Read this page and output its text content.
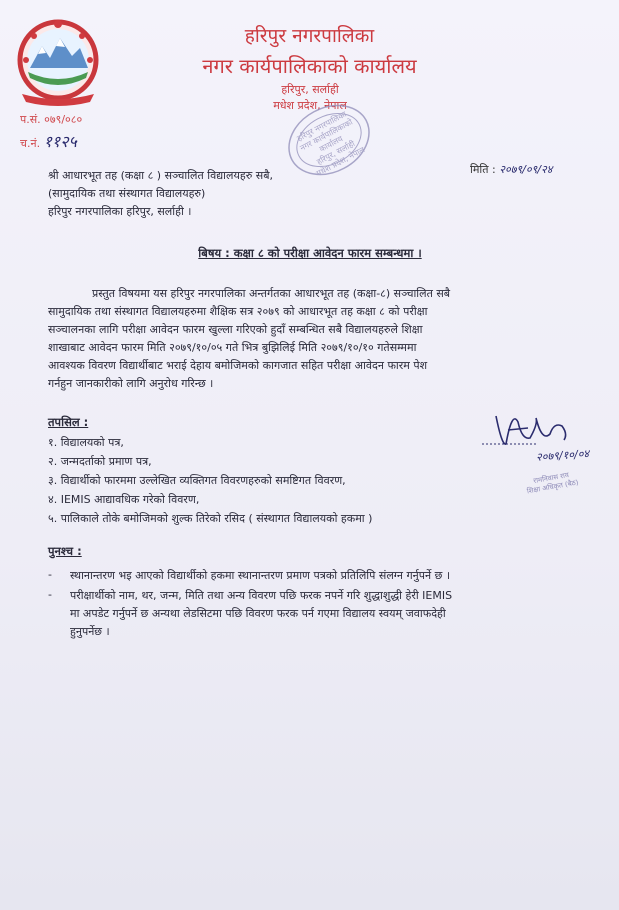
हरिपुर नगरपालिका
नगर कार्यपालिकाको कार्यालय
हरिपुर, सर्लाही
मधेश प्रदेश, नेपाल
हरिपुर नगरपालिका
नगर कार्यपालिकाको कार्यालय
हरिपुर, सर्लाही
मधेश प्रदेश, नेपाल
प.सं. ०७९/०८०
च.नं. ११२५
मिति : २०७९/०९/२४
श्री आधारभूत तह (कक्षा ८ ) सञ्चालित विद्यालयहरु सबै,
(सामुदायिक तथा संस्थागत विद्यालयहरु)
हरिपुर नगरपालिका हरिपुर, सर्लाही ।
बिषय : कक्षा ८ को परीक्षा आवेदन फारम सम्बन्धमा ।
प्रस्तुत विषयमा यस हरिपुर नगरपालिका अन्तर्गतका आधारभूत तह (कक्षा-८) सञ्चालित सबै
सामुदायिक तथा संस्थागत विद्यालयहरुमा शैक्षिक सत्र २०७९ को आधारभूत तह कक्षा ८ को परीक्षा
सञ्चालनका लागि परीक्षा आवेदन फारम खुल्ला गरिएको हुदाँ सम्बन्धित सबै विद्यालयहरुले शिक्षा
शाखाबाट आवेदन फारम मिति २०७९/१०/०५ गते भित्र बुझिलिई मिति २०७९/१०/१० गतेसम्ममा
आवश्यक विवरण विद्यार्थीबाट भराई देहाय बमोजिमको कागजात सहित परीक्षा आवेदन फारम पेश
गर्नहुन जानकारीको लागि अनुरोध गरिन्छ ।
तपसिल :
१. विद्यालयको पत्र,
२. जन्मदर्ताको प्रमाण पत्र,
३. विद्यार्थीको फारममा उल्लेखित व्यक्तिगत विवरणहरुको समष्टिगत विवरण,
४. IEMIS आद्यावधिक गरेको विवरण,
५. पालिकाले तोके बमोजिमको शुल्क तिरेको रसिद ( संस्थागत विद्यालयको हकमा )
२०७९/१०/०४
रामनिवास राय
शिक्षा अधिकृत (बैठ)
पुनश्च :
- स्थानान्तरण भइ आएको विद्यार्थीको हकमा स्थानान्तरण प्रमाण पत्रको प्रतिलिपि संलग्न गर्नुपर्ने छ ।
- परीक्षार्थीको नाम, थर, जन्म, मिति तथा अन्य विवरण पछि फरक नपर्ने गरि शुद्धाशुद्धी हेरी IEMIS
मा अपडेट गर्नुपर्ने छ अन्यथा लेडसिटमा पछि विवरण फरक पर्न गएमा विद्यालय स्वयम् जवाफदेही
हुनुपर्नेछ ।
